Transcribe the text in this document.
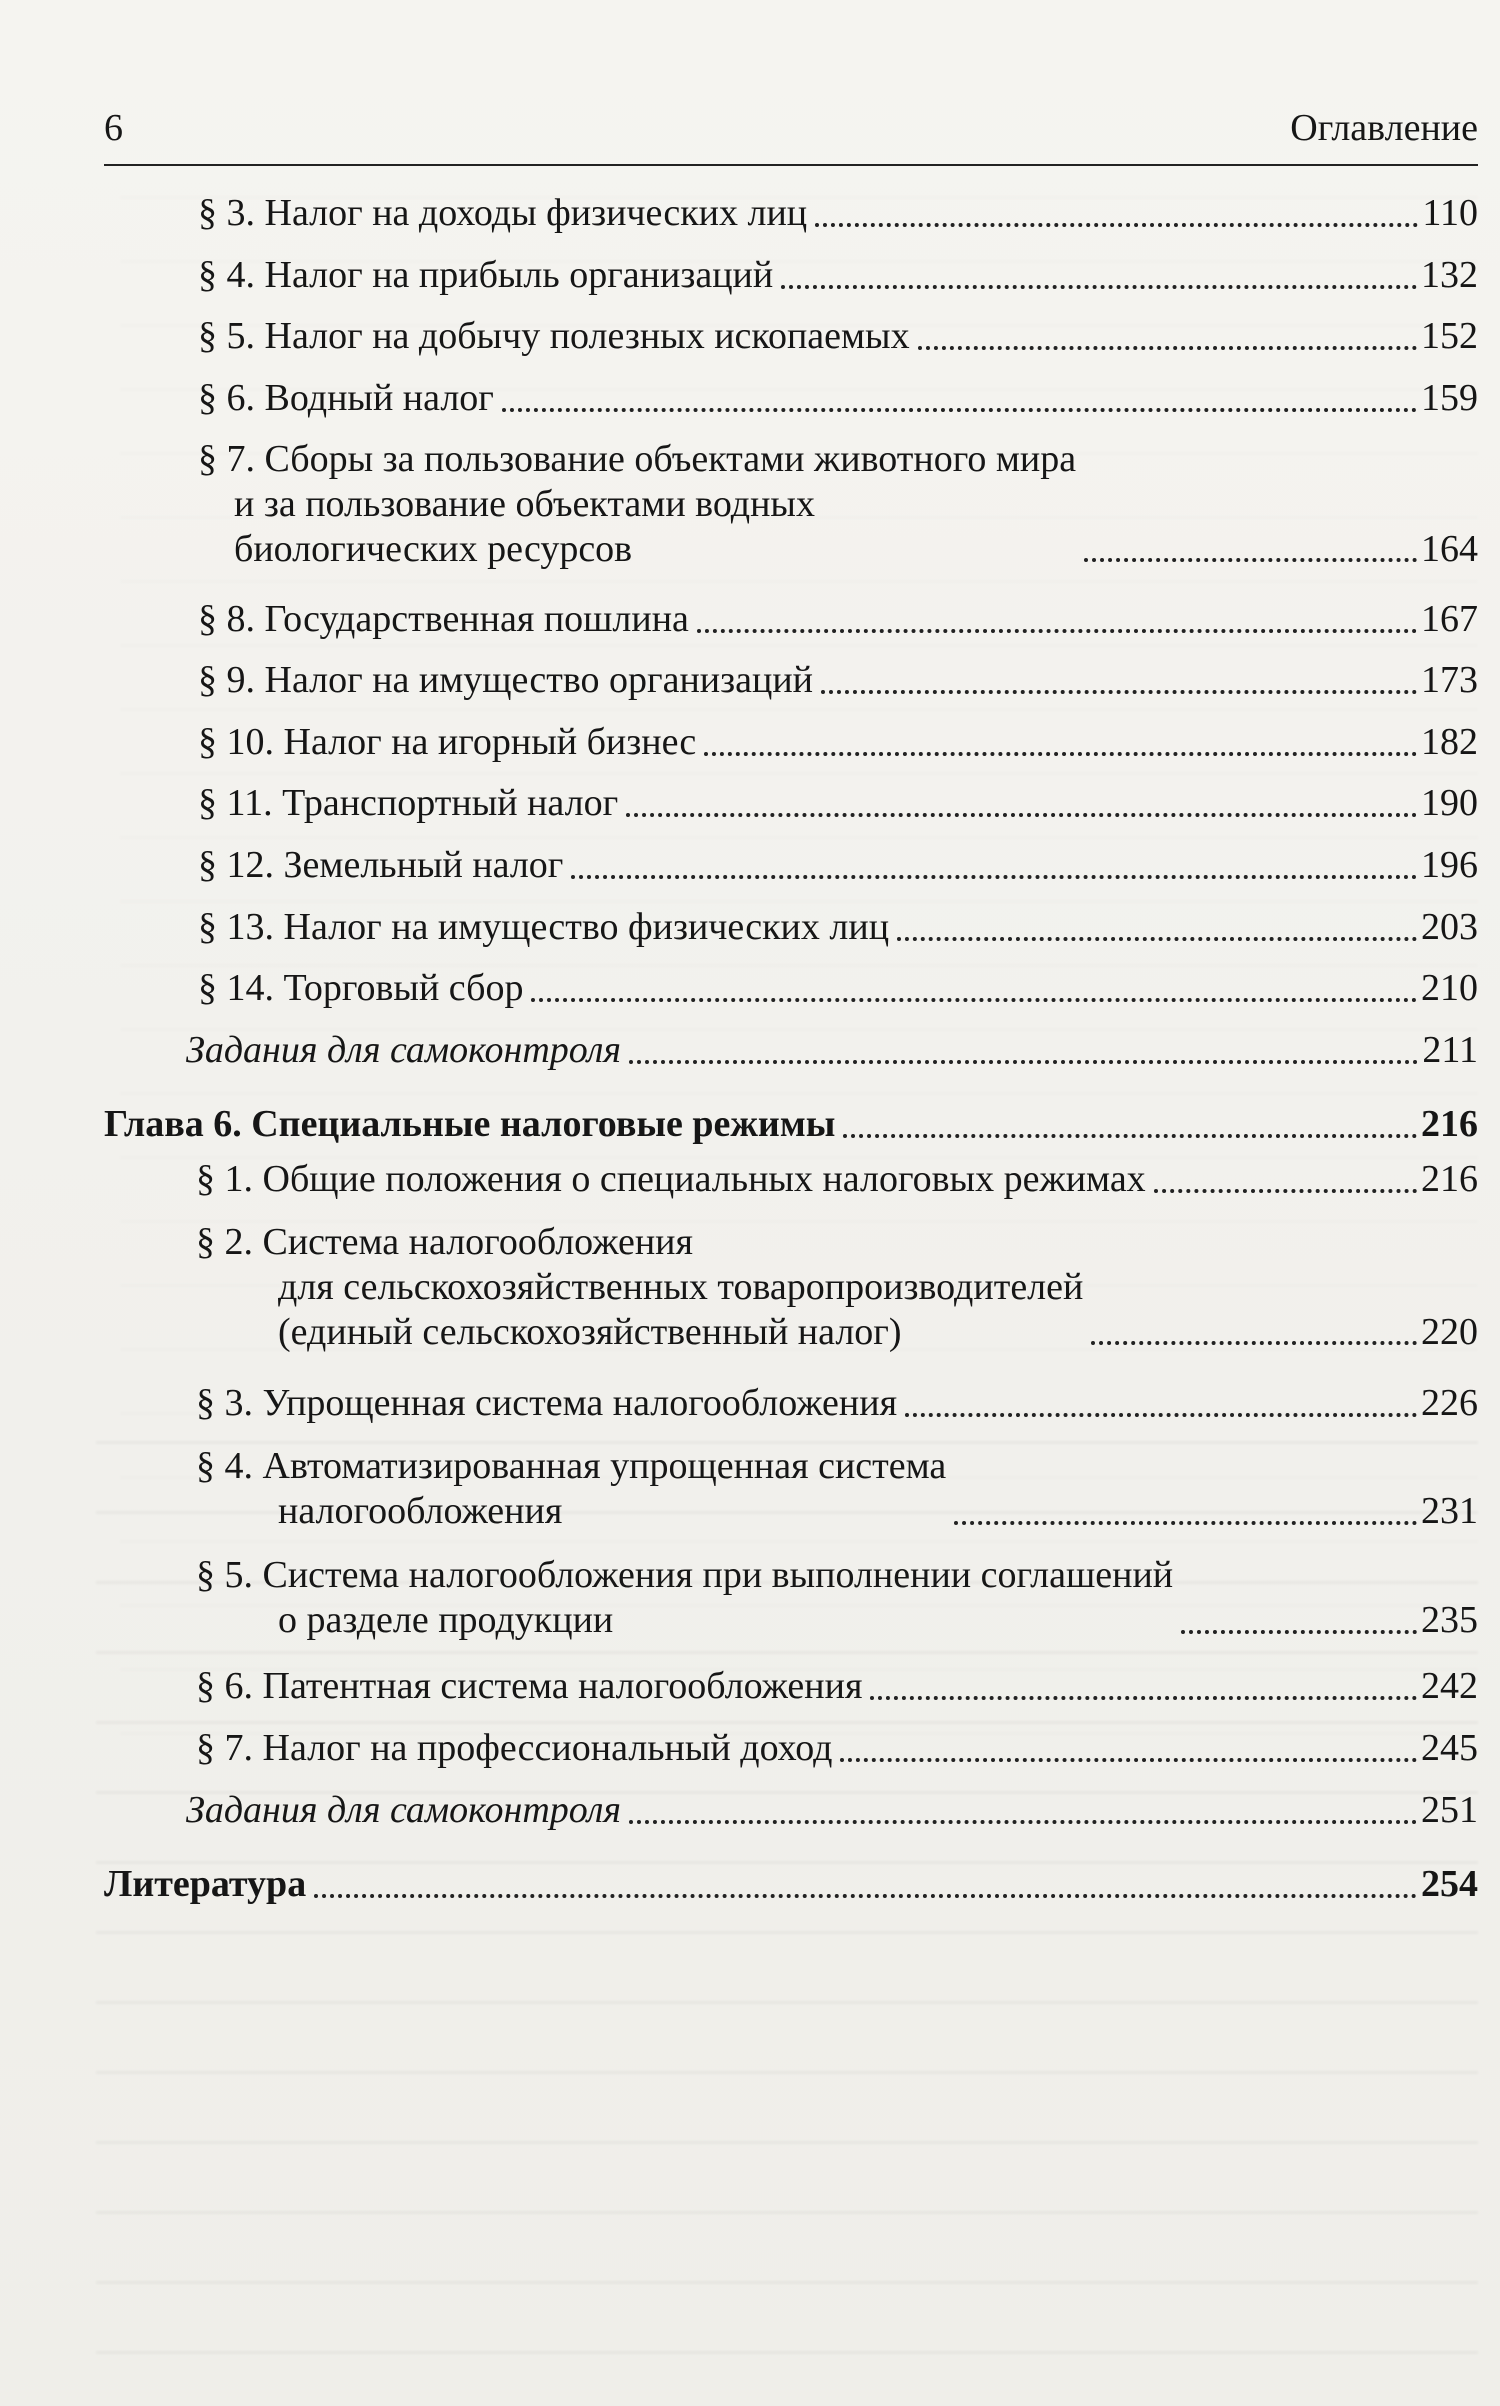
6	Оглавление
§ 3. Налог на доходы физических лиц	110
§ 4. Налог на прибыль организаций	132
§ 5. Налог на добычу полезных ископаемых	152
§ 6. Водный налог	159
§ 7. Сборы за пользование объектами животного мира
и за пользование объектами водных
биологических ресурсов	164
§ 8. Государственная пошлина	167
§ 9. Налог на имущество организаций	173
§ 10. Налог на игорный бизнес	182
§ 11. Транспортный налог	190
§ 12. Земельный налог	196
§ 13. Налог на имущество физических лиц	203
§ 14. Торговый сбор	210
Задания для самоконтроля	211
Глава 6. Специальные налоговые режимы	216
§ 1. Общие положения о специальных налоговых режимах	216
§ 2. Система налогообложения
для сельскохозяйственных товаропроизводителей
(единый сельскохозяйственный налог)	220
§ 3. Упрощенная система налогообложения	226
§ 4. Автоматизированная упрощенная система
налогообложения	231
§ 5. Система налогообложения при выполнении соглашений
о разделе продукции	235
§ 6. Патентная система налогообложения	242
§ 7. Налог на профессиональный доход	245
Задания для самоконтроля	251
Литература	254
